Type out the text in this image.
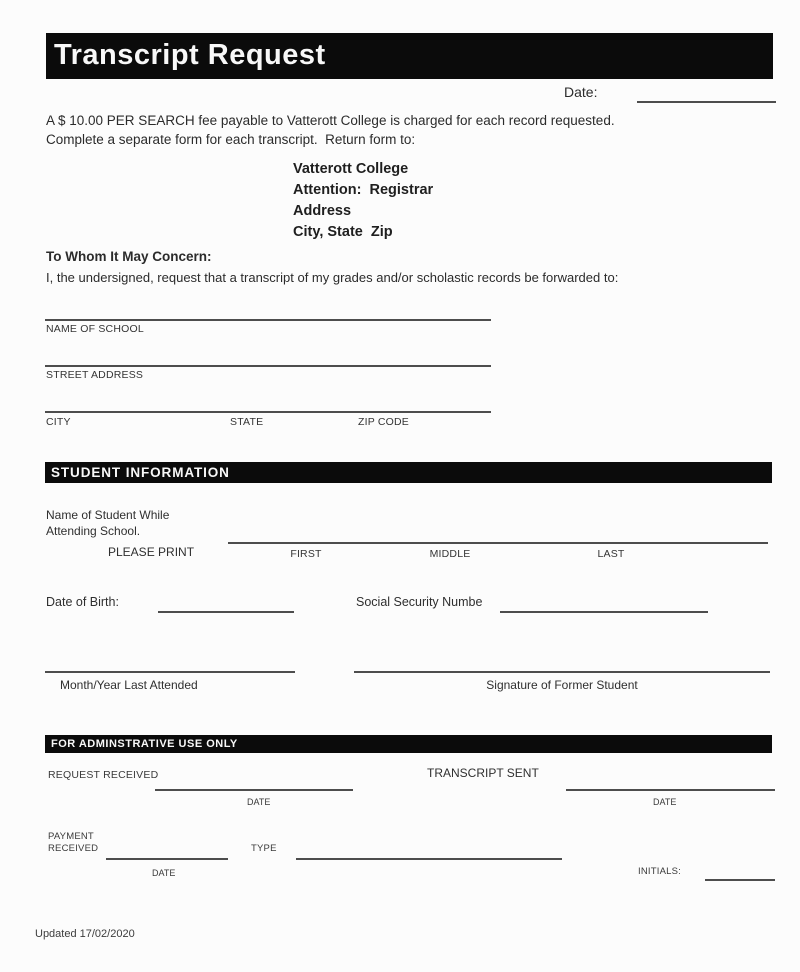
Transcript Request
Date:
A $ 10.00 PER SEARCH fee payable to Vatterott College is charged for each record requested.
Complete a separate form for each transcript.  Return form to:
Vatterott College
Attention:  Registrar
Address
City, State  Zip
To Whom It May Concern:
I, the undersigned, request that a transcript of my grades and/or scholastic records be forwarded to:
NAME OF SCHOOL
STREET ADDRESS
CITY	STATE	ZIP CODE
STUDENT INFORMATION
Name of Student While
Attending School.
PLEASE PRINT	FIRST	MIDDLE	LAST
Date of Birth:	Social Security Numbe
Month/Year Last Attended	Signature of Former Student
FOR ADMINSTRATIVE USE ONLY
REQUEST RECEIVED
DATE
TRANSCRIPT SENT
DATE
PAYMENT
RECEIVED
DATE
TYPE
INITIALS:
Updated 17/02/2020
